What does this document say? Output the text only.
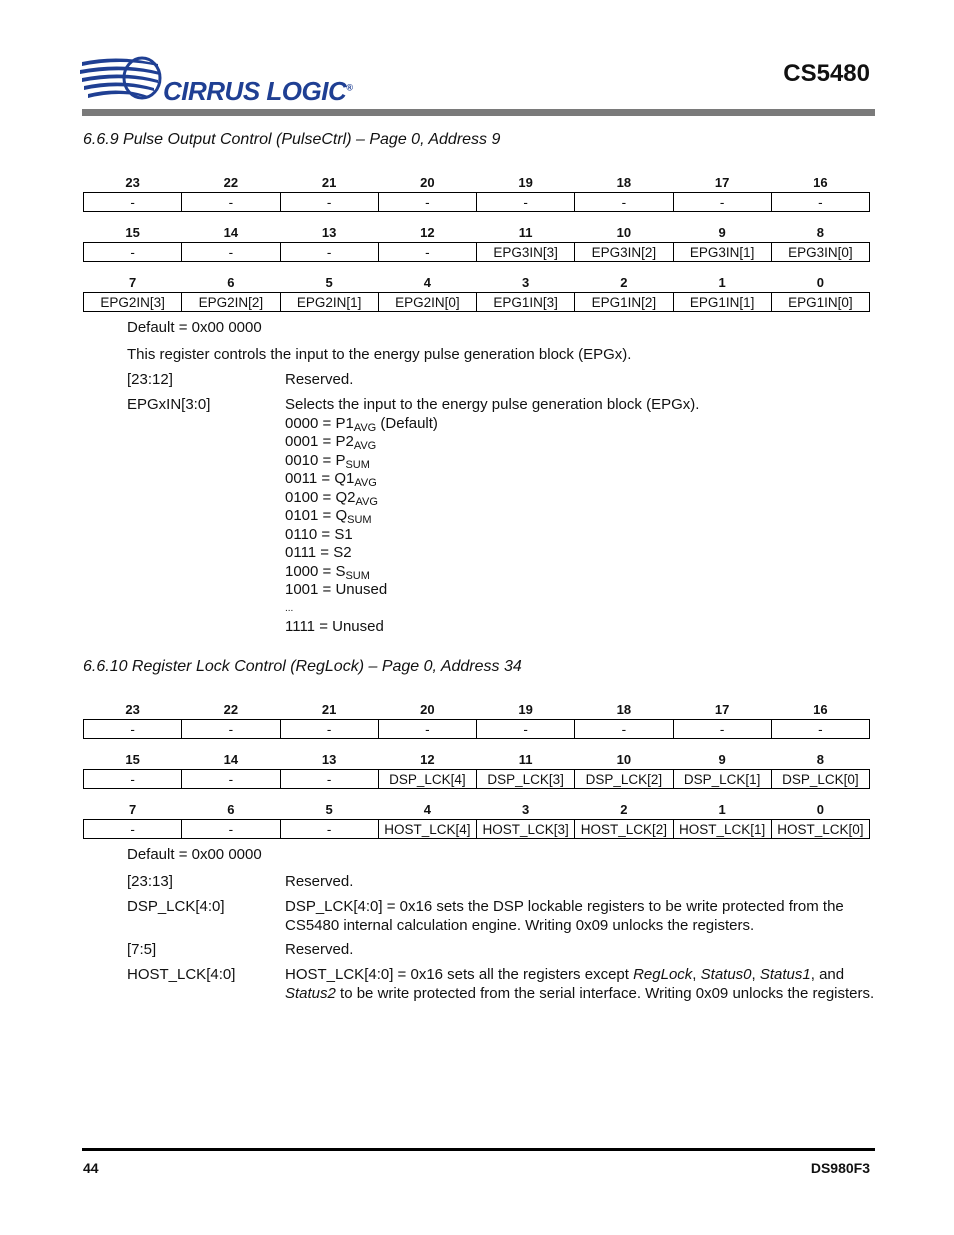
CIRRUS LOGIC®
CS5480
6.6.9 Pulse Output Control (PulseCtrl) – Page 0, Address 9
23	22	21	20	19	18	17	16
-	-	-	-	-	-	-	-

15	14	13	12	11	10	9	8
-	-	-	-	EPG3IN[3]	EPG3IN[2]	EPG3IN[1]	EPG3IN[0]

7	6	5	4	3	2	1	0
EPG2IN[3]	EPG2IN[2]	EPG2IN[1]	EPG2IN[0]	EPG1IN[3]	EPG1IN[2]	EPG1IN[1]	EPG1IN[0]
Default = 0x00 0000
This register controls the input to the energy pulse generation block (EPGx).
[23:12]	Reserved.
EPGxIN[3:0]	Selects the input to the energy pulse generation block (EPGx).
$0000 = P1_{AVG}$ (Default)
$0001 = P2_{AVG}$
$0010 = P_{SUM}$
$0011 = Q1_{AVG}$
$0100 = Q2_{AVG}$
$0101 = Q_{SUM}$
0110 = S1
0111 = S2
$1000 = S_{SUM}$
1001 = Unused
...
1111 = Unused
6.6.10 Register Lock Control (RegLock) – Page 0, Address 34
23	22	21	20	19	18	17	16
-	-	-	-	-	-	-	-

15	14	13	12	11	10	9	8
-	-	-	DSP_LCK[4]	DSP_LCK[3]	DSP_LCK[2]	DSP_LCK[1]	DSP_LCK[0]

7	6	5	4	3	2	1	0
-	-	-	HOST_LCK[4]	HOST_LCK[3]	HOST_LCK[2]	HOST_LCK[1]	HOST_LCK[0]
Default = 0x00 0000
[23:13]	Reserved.
DSP_LCK[4:0]	DSP_LCK[4:0] = 0x16 sets the DSP lockable registers to be write protected from the CS5480 internal calculation engine. Writing 0x09 unlocks the registers.
[7:5]	Reserved.
HOST_LCK[4:0]	HOST_LCK[4:0] = 0x16 sets all the registers except RegLock, Status0, Status1, and Status2 to be write protected from the serial interface. Writing 0x09 unlocks the registers.
44	DS980F3
